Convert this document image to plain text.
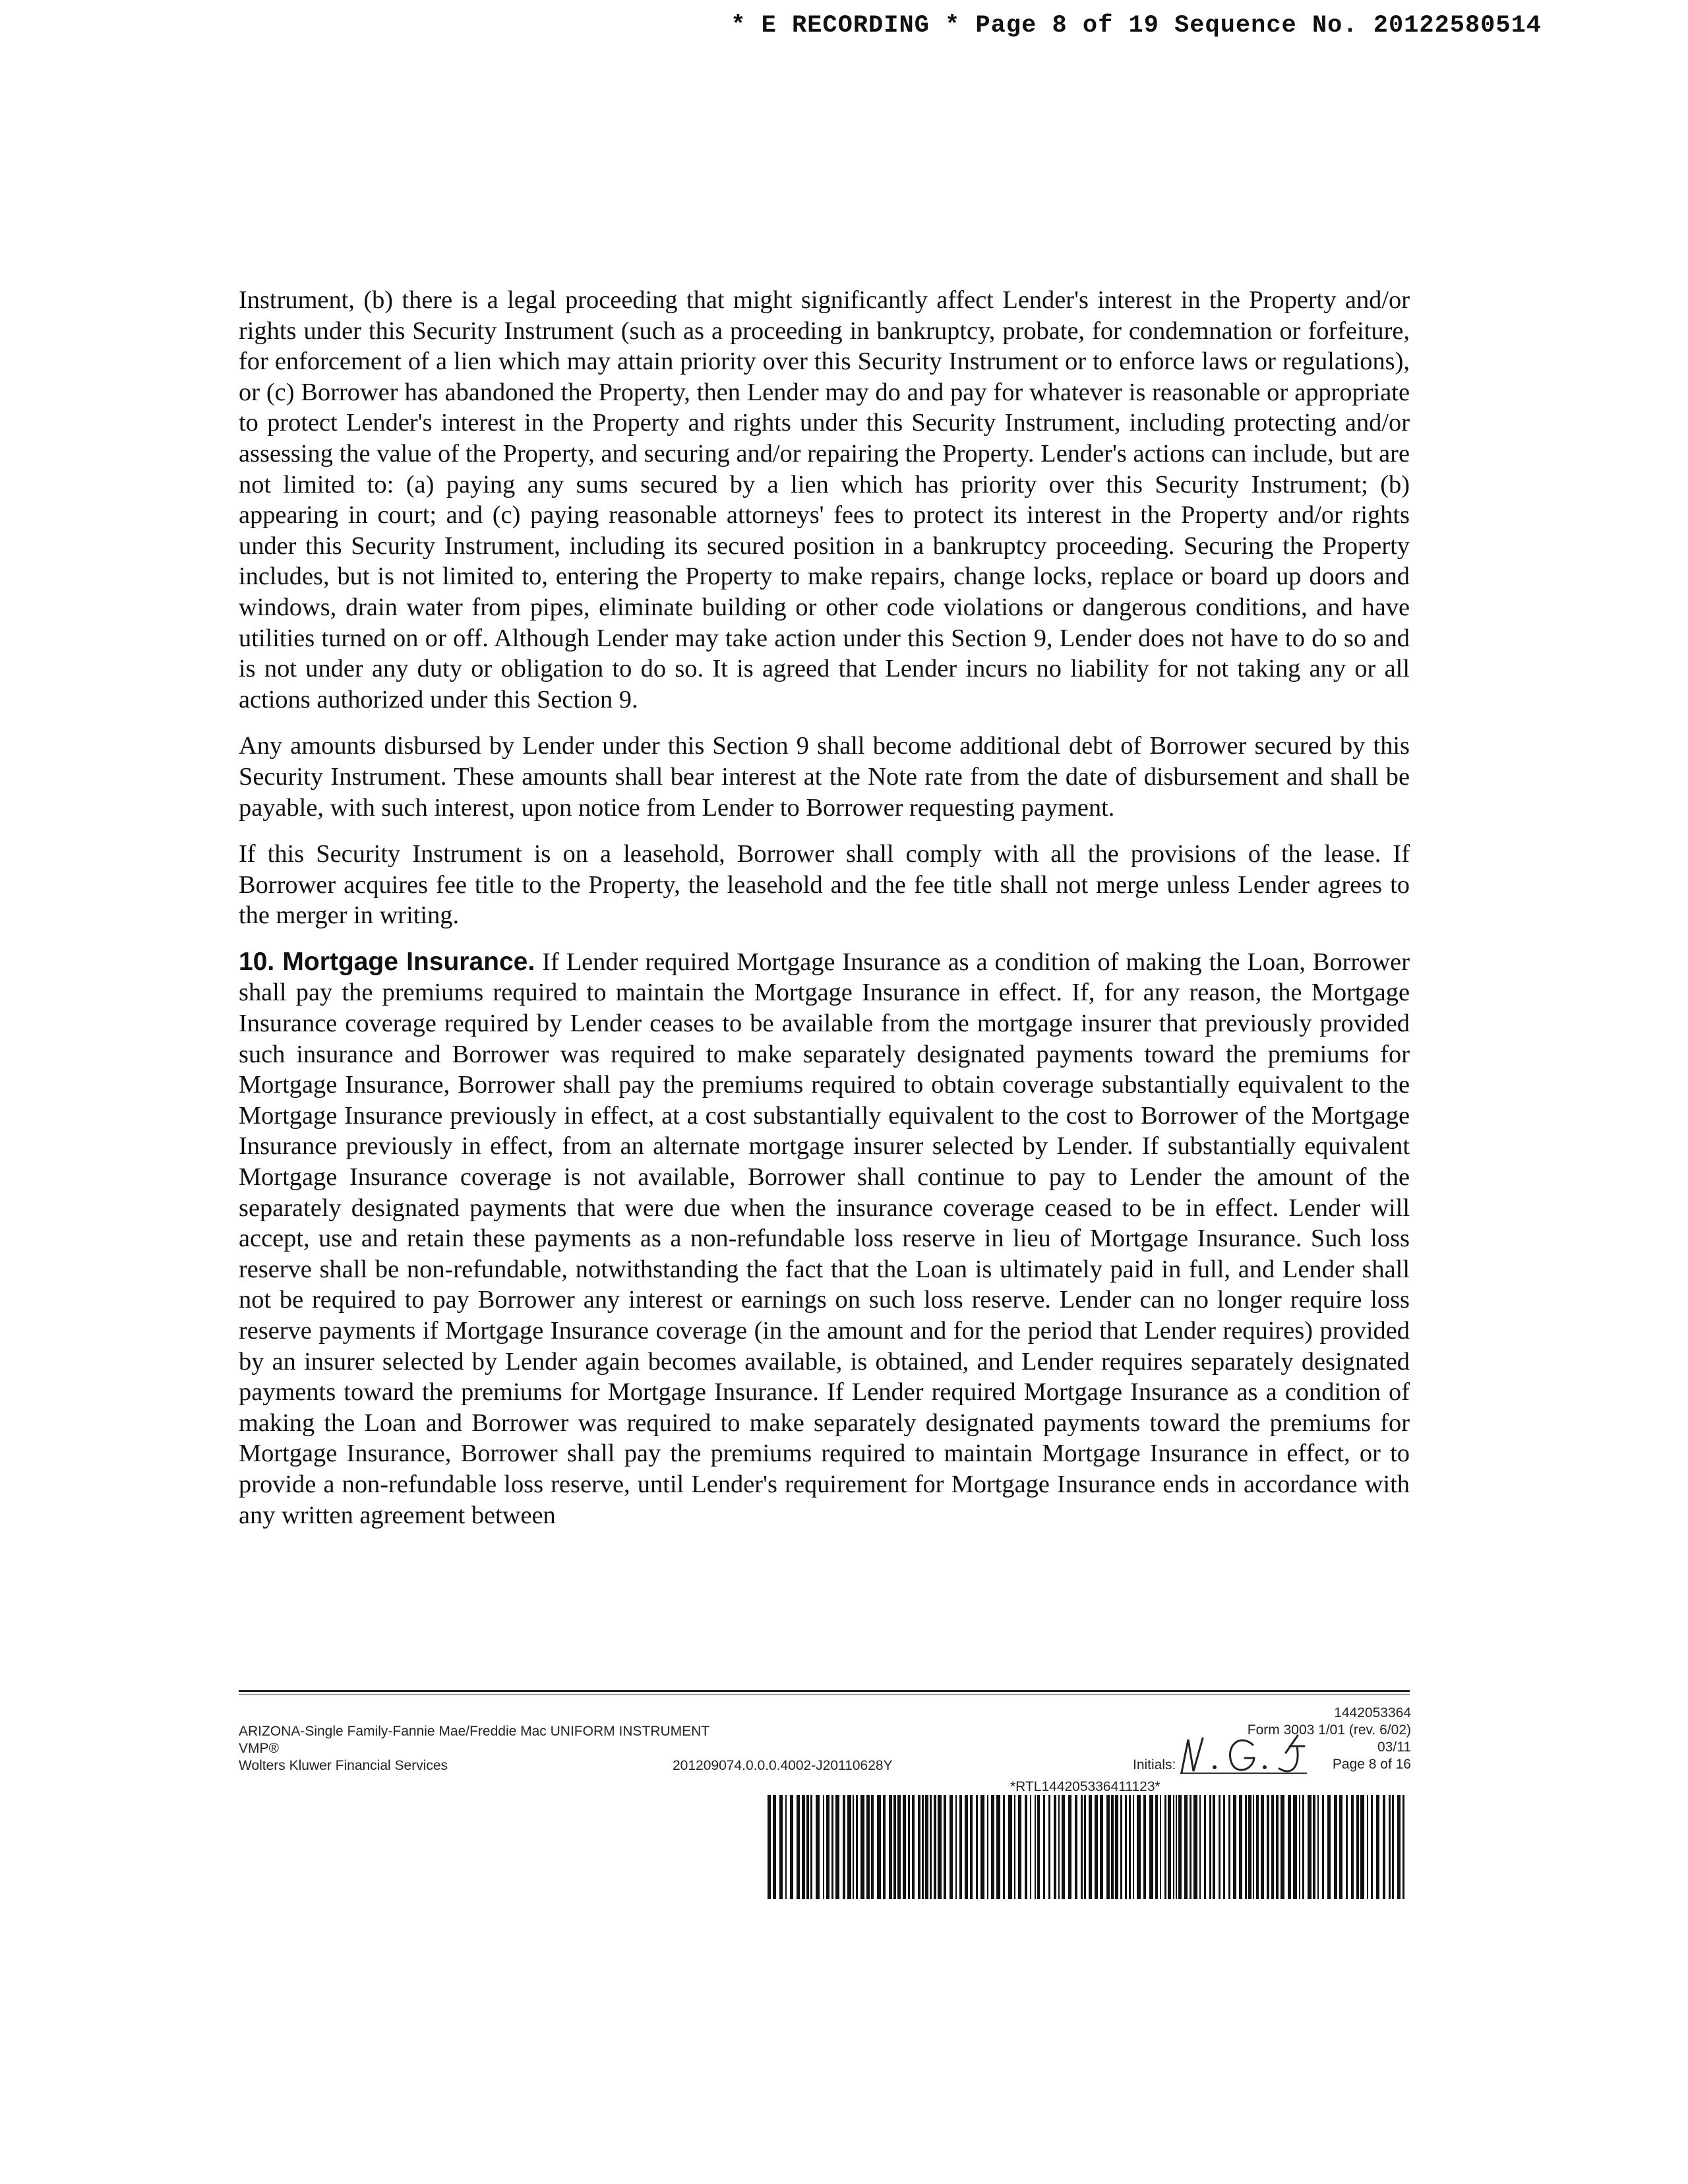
* E RECORDING * Page 8 of 19 Sequence No. 20122580514

Instrument, (b) there is a legal proceeding that might significantly affect Lender's interest in the Property and/or rights under this Security Instrument (such as a proceeding in bankruptcy, probate, for condemnation or forfeiture, for enforcement of a lien which may attain priority over this Security Instrument or to enforce laws or regulations), or (c) Borrower has abandoned the Property, then Lender may do and pay for whatever is reasonable or appropriate to protect Lender's interest in the Property and rights under this Security Instrument, including protecting and/or assessing the value of the Property, and securing and/or repairing the Property. Lender's actions can include, but are not limited to: (a) paying any sums secured by a lien which has priority over this Security Instrument; (b) appearing in court; and (c) paying reasonable attorneys' fees to protect its interest in the Property and/or rights under this Security Instrument, including its secured position in a bankruptcy proceeding. Securing the Property includes, but is not limited to, entering the Property to make repairs, change locks, replace or board up doors and windows, drain water from pipes, eliminate building or other code violations or dangerous conditions, and have utilities turned on or off. Although Lender may take action under this Section 9, Lender does not have to do so and is not under any duty or obligation to do so. It is agreed that Lender incurs no liability for not taking any or all actions authorized under this Section 9.

Any amounts disbursed by Lender under this Section 9 shall become additional debt of Borrower secured by this Security Instrument. These amounts shall bear interest at the Note rate from the date of disbursement and shall be payable, with such interest, upon notice from Lender to Borrower requesting payment.

If this Security Instrument is on a leasehold, Borrower shall comply with all the provisions of the lease. If Borrower acquires fee title to the Property, the leasehold and the fee title shall not merge unless Lender agrees to the merger in writing.

10. Mortgage Insurance. If Lender required Mortgage Insurance as a condition of making the Loan, Borrower shall pay the premiums required to maintain the Mortgage Insurance in effect. If, for any reason, the Mortgage Insurance coverage required by Lender ceases to be available from the mortgage insurer that previously provided such insurance and Borrower was required to make separately designated payments toward the premiums for Mortgage Insurance, Borrower shall pay the premiums required to obtain coverage substantially equivalent to the Mortgage Insurance previously in effect, at a cost substantially equivalent to the cost to Borrower of the Mortgage Insurance previously in effect, from an alternate mortgage insurer selected by Lender. If substantially equivalent Mortgage Insurance coverage is not available, Borrower shall continue to pay to Lender the amount of the separately designated payments that were due when the insurance coverage ceased to be in effect. Lender will accept, use and retain these payments as a non-refundable loss reserve in lieu of Mortgage Insurance. Such loss reserve shall be non-refundable, notwithstanding the fact that the Loan is ultimately paid in full, and Lender shall not be required to pay Borrower any interest or earnings on such loss reserve. Lender can no longer require loss reserve payments if Mortgage Insurance coverage (in the amount and for the period that Lender requires) provided by an insurer selected by Lender again becomes available, is obtained, and Lender requires separately designated payments toward the premiums for Mortgage Insurance. If Lender required Mortgage Insurance as a condition of making the Loan and Borrower was required to make separately designated payments toward the premiums for Mortgage Insurance, Borrower shall pay the premiums required to maintain Mortgage Insurance in effect, or to provide a non-refundable loss reserve, until Lender's requirement for Mortgage Insurance ends in accordance with any written agreement between

ARIZONA-Single Family-Fannie Mae/Freddie Mac UNIFORM INSTRUMENT
VMP®
Wolters Kluwer Financial Services	201209074.0.0.0.4002-J20110628Y
1442053364
Form 3003 1/01 (rev. 6/02)
03/11
Page 8 of 16
Initials:
*RTL144205336411123*
